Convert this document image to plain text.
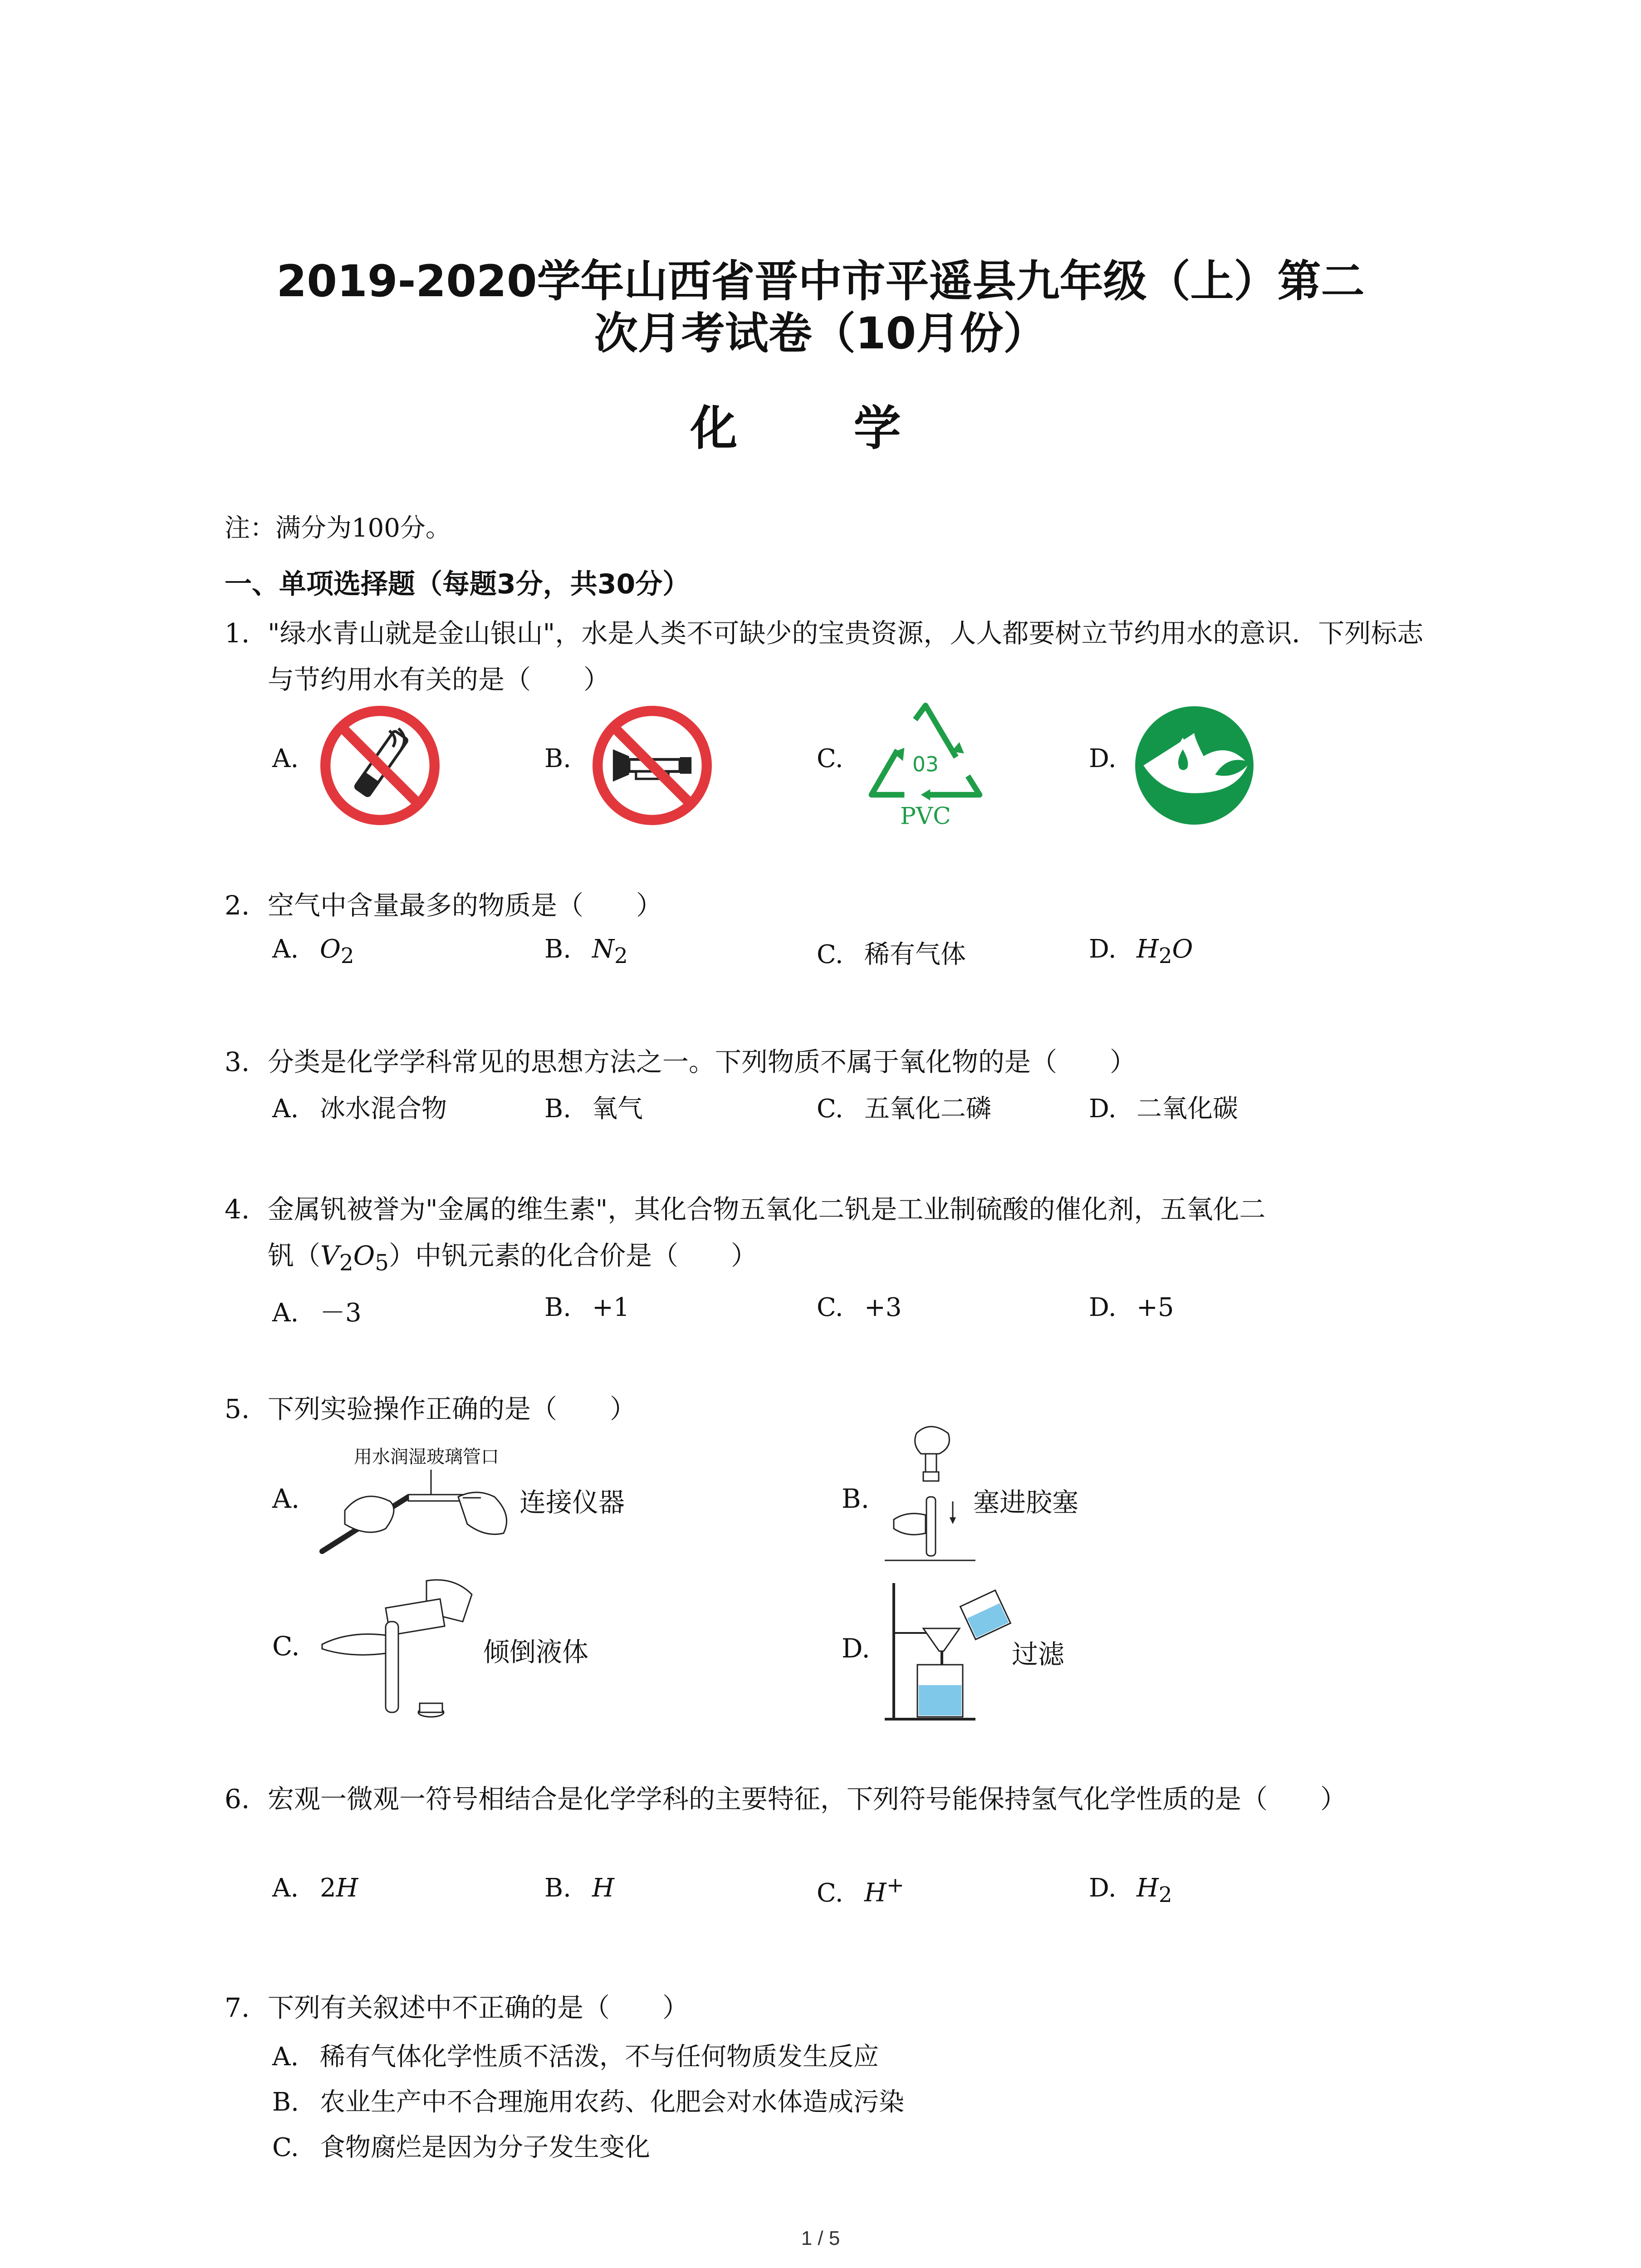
2019-2020学年山西省晋中市平遥县九年级（上）第二
次月考试卷（10月份）
化 学
注：满分为100分。
一、单项选择题（每题3分，共30分）
1. "绿水青山就是金山银山"，水是人类不可缺少的宝贵资源，人人都要树立节约用水的意识．下列标志与节约用水有关的是（　　）
A.	B.	C.	D.
03
PVC
2. 空气中含量最多的物质是（　　）
A. $O_2$	B. $N_2$	C. 稀有气体	D. $H_2O$
3. 分类是化学学科常见的思想方法之一。下列物质不属于氧化物的是（　　）
A. 冰水混合物	B. 氧气	C. 五氧化二磷	D. 二氧化碳
4. 金属钒被誉为"金属的维生素"，其化合物五氧化二钒是工业制硫酸的催化剂，五氧化二
钒$(V_2O_5)$中钒元素的化合价是（　　）
A. －3	B. +1	C. +3	D. +5
5. 下列实验操作正确的是（　　）
A.
用水润湿玻璃管口
连接仪器	B.	塞进胶塞
C.	倾倒液体	D.	过滤
6. 宏观一微观一符号相结合是化学学科的主要特征，下列符号能保持氢气化学性质的是（　　）
A. 2H	B. H	C. H+	D. $H_2$
7. 下列有关叙述中不正确的是（　　）
A. 稀有气体化学性质不活泼，不与任何物质发生反应
B. 农业生产中不合理施用农药、化肥会对水体造成污染
C. 食物腐烂是因为分子发生变化
1 / 5
